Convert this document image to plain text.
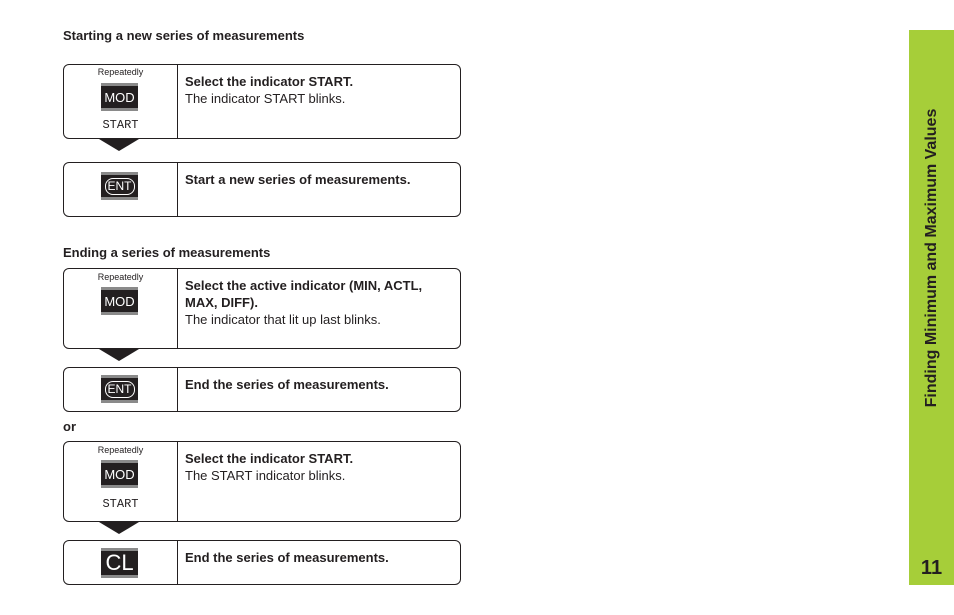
Starting a new series of measurements
Repeatedly
MOD
START
Select the indicator START.
The indicator START blinks.
ENT	Start a new series of measurements.
Ending a series of measurements
Repeatedly
MOD
Select the active indicator (MIN, ACTL, MAX, DIFF).
The indicator that lit up last blinks.
ENT	End the series of measurements.
or
Repeatedly
MOD
START
Select the indicator START.
The START indicator blinks.
CL	End the series of measurements.
Finding Minimum and Maximum Values
11
